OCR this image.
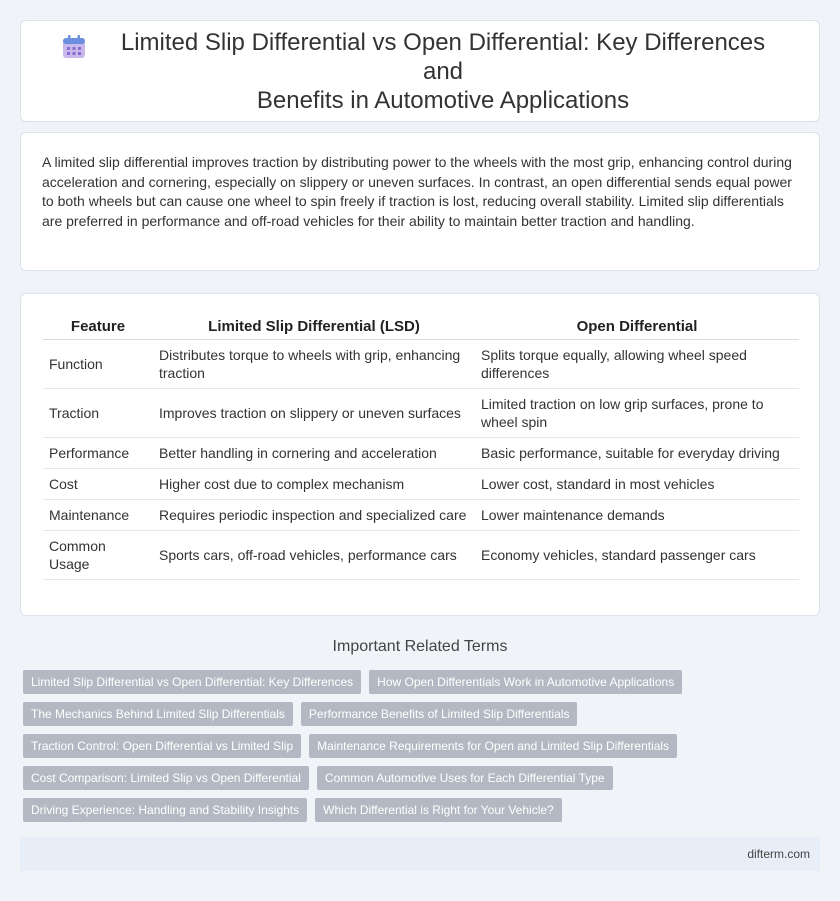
Limited Slip Differential vs Open Differential: Key Differences and
Benefits in Automotive Applications

A limited slip differential improves traction by distributing power to the wheels with the most grip, enhancing control during acceleration and cornering, especially on slippery or uneven surfaces. In contrast, an open differential sends equal power to both wheels but can cause one wheel to spin freely if traction is lost, reducing overall stability. Limited slip differentials are preferred in performance and off-road vehicles for their ability to maintain better traction and handling.

Feature	Limited Slip Differential (LSD)	Open Differential
Function	Distributes torque to wheels with grip, enhancing traction	Splits torque equally, allowing wheel speed differences
Traction	Improves traction on slippery or uneven surfaces	Limited traction on low grip surfaces, prone to wheel spin
Performance	Better handling in cornering and acceleration	Basic performance, suitable for everyday driving
Cost	Higher cost due to complex mechanism	Lower cost, standard in most vehicles
Maintenance	Requires periodic inspection and specialized care	Lower maintenance demands
Common Usage	Sports cars, off-road vehicles, performance cars	Economy vehicles, standard passenger cars
Important Related Terms
Limited Slip Differential vs Open Differential: Key Differences	How Open Differentials Work in Automotive Applications
The Mechanics Behind Limited Slip Differentials	Performance Benefits of Limited Slip Differentials
Traction Control: Open Differential vs Limited Slip	Maintenance Requirements for Open and Limited Slip Differentials
Cost Comparison: Limited Slip vs Open Differential	Common Automotive Uses for Each Differential Type
Driving Experience: Handling and Stability Insights	Which Differential is Right for Your Vehicle?
difterm.com
